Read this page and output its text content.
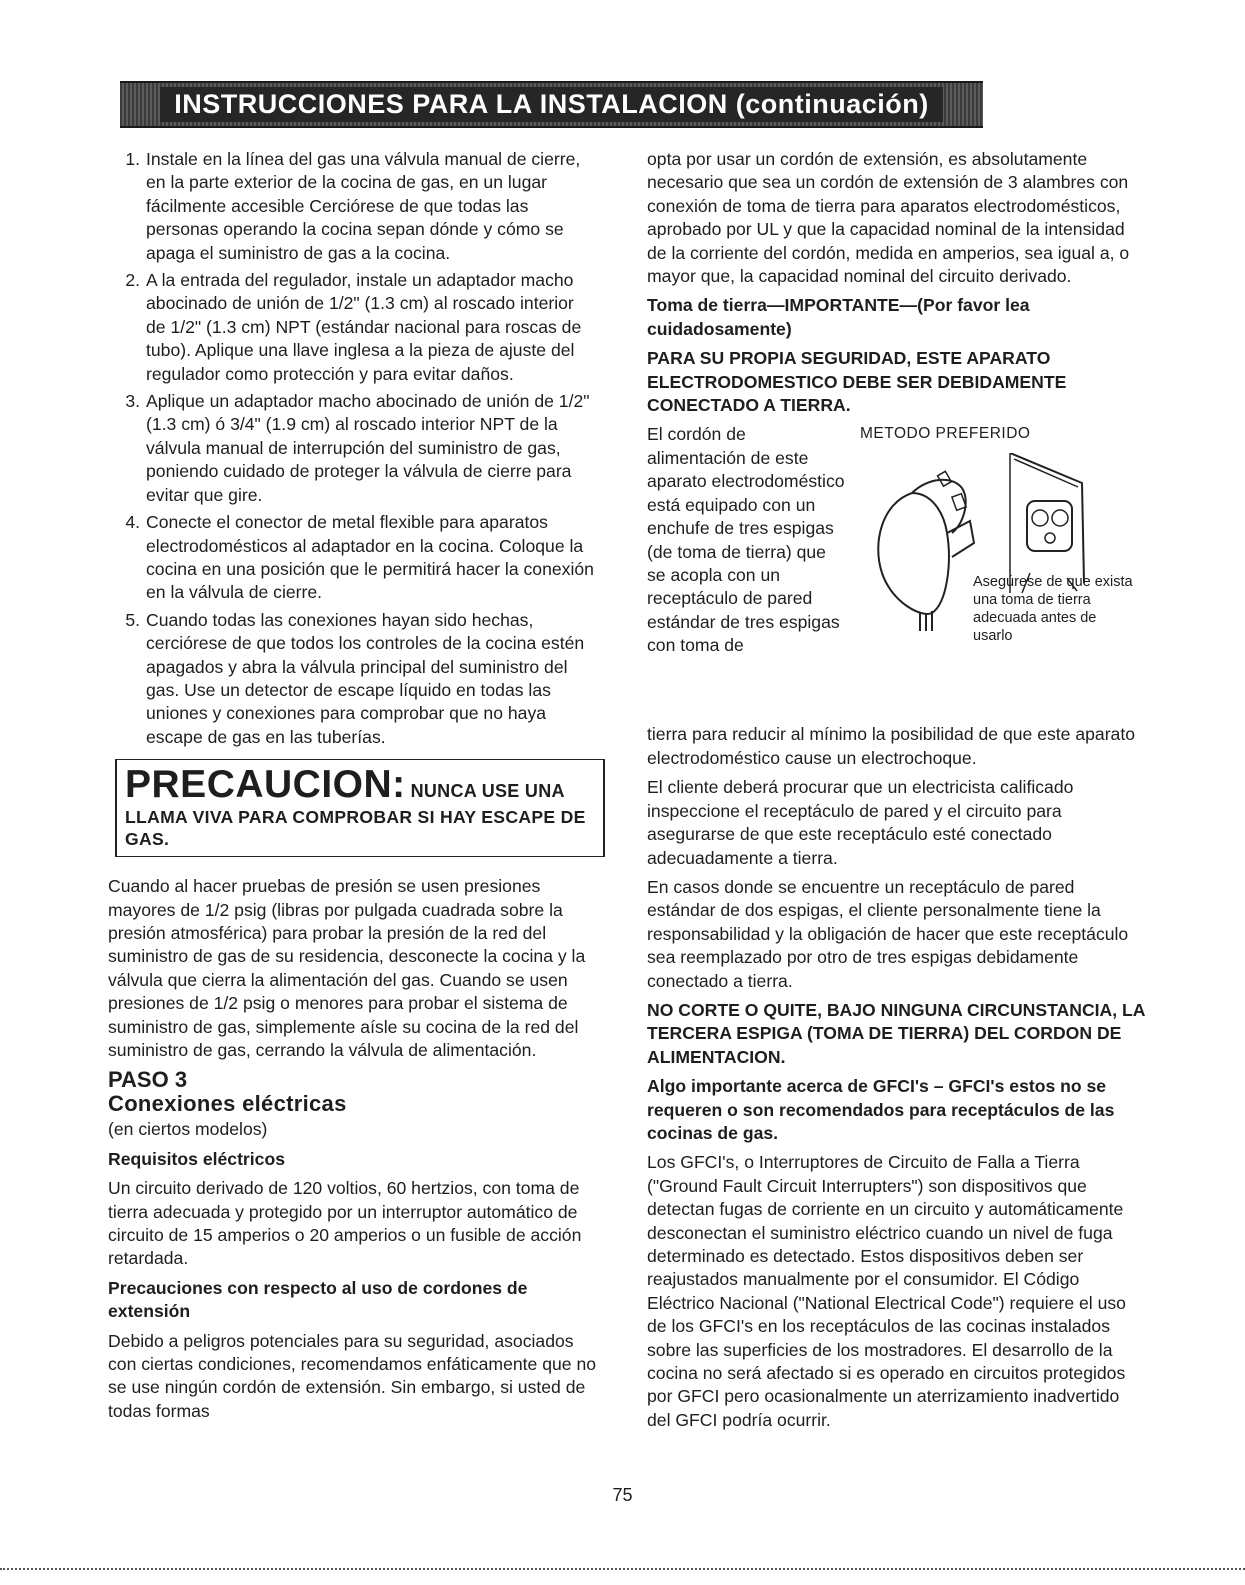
INSTRUCCIONES PARA LA INSTALACION (continuación)
1. Instale en la línea del gas una válvula manual de cierre, en la parte exterior de la cocina de gas, en un lugar fácilmente accesible Cerciórese de que todas las personas operando la cocina sepan dónde y cómo se apaga el suministro de gas a la cocina.
2. A la entrada del regulador, instale un adaptador macho abocinado de unión de 1/2" (1.3 cm) al roscado interior de 1/2" (1.3 cm) NPT (estándar nacional para roscas de tubo). Aplique una llave inglesa a la pieza de ajuste del regulador como protección y para evitar daños.
3. Aplique un adaptador macho abocinado de unión de 1/2" (1.3 cm) ó 3/4" (1.9 cm) al roscado interior NPT de la válvula manual de interrupción del suministro de gas, poniendo cuidado de proteger la válvula de cierre para evitar que gire.
4. Conecte el conector de metal flexible para aparatos electrodomésticos al adaptador en la cocina. Coloque la cocina en una posición que le permitirá hacer la conexión en la válvula de cierre.
5. Cuando todas las conexiones hayan sido hechas, cerciórese de que todos los controles de la cocina estén apagados y abra la válvula principal del suministro del gas. Use un detector de escape líquido en todas las uniones y conexiones para comprobar que no haya escape de gas en las tuberías.
PRECAUCION: NUNCA USE UNA
LLAMA VIVA PARA COMPROBAR SI HAY ESCAPE DE GAS.

Cuando al hacer pruebas de presión se usen presiones mayores de 1/2 psig (libras por pulgada cuadrada sobre la presión atmosférica) para probar la presión de la red del suministro de gas de su residencia, desconecte la cocina y la válvula que cierra la alimentación del gas. Cuando se usen presiones de 1/2 psig o menores para probar el sistema de suministro de gas, simplemente aísle su cocina de la red del suministro de gas, cerrando la válvula de alimentación.

PASO 3
Conexiones eléctricas

(en ciertos modelos)

Requisitos eléctricos

Un circuito derivado de 120 voltios, 60 hertzios, con toma de tierra adecuada y protegido por un interruptor automático de circuito de 15 amperios o 20 amperios o un fusible de acción retardada.

Precauciones con respecto al uso de cordones de extensión

Debido a peligros potenciales para su seguridad, asociados con ciertas condiciones, recomendamos enfáticamente que no se use ningún cordón de extensión. Sin embargo, si usted de todas formas

opta por usar un cordón de extensión, es absolutamente necesario que sea un cordón de extensión de 3 alambres con conexión de toma de tierra para aparatos electrodomésticos, aprobado por UL y que la capacidad nominal de la intensidad de la corriente del cordón, medida en amperios, sea igual a, o mayor que, la capacidad nominal del circuito derivado.

Toma de tierra—IMPORTANTE—(Por favor lea cuidadosamente)

PARA SU PROPIA SEGURIDAD, ESTE APARATO ELECTRODOMESTICO DEBE SER DEBIDAMENTE CONECTADO A TIERRA.

El cordón de alimentación de este aparato electrodoméstico está equipado con un enchufe de tres espigas (de toma de tierra) que se acopla con un receptáculo de pared estándar de tres espigas con toma de
METODO PREFERIDO
Asegúrese de que exista una toma de tierra adecuada antes de usarlo

tierra para reducir al mínimo la posibilidad de que este aparato electrodoméstico cause un electrochoque.

El cliente deberá procurar que un electricista calificado inspeccione el receptáculo de pared y el circuito para asegurarse de que este receptáculo esté conectado adecuadamente a tierra.

En casos donde se encuentre un receptáculo de pared estándar de dos espigas, el cliente personalmente tiene la responsabilidad y la obligación de hacer que este receptáculo sea reemplazado por otro de tres espigas debidamente conectado a tierra.

NO CORTE O QUITE, BAJO NINGUNA CIRCUNSTANCIA, LA TERCERA ESPIGA (TOMA DE TIERRA) DEL CORDON DE ALIMENTACION.

Algo importante acerca de GFCI's – GFCI's estos no se requeren o son recomendados para receptáculos de las cocinas de gas.

Los GFCI's, o Interruptores de Circuito de Falla a Tierra ("Ground Fault Circuit Interrupters") son dispositivos que detectan fugas de corriente en un circuito y automáticamente desconectan el suministro eléctrico cuando un nivel de fuga determinado es detectado. Estos dispositivos deben ser reajustados manualmente por el consumidor. El Código Eléctrico Nacional ("National Electrical Code") requiere el uso de los GFCI's en los receptáculos de las cocinas instalados sobre las superficies de los mostradores. El desarrollo de la cocina no será afectado si es operado en circuitos protegidos por GFCI pero ocasionalmente un aterrizamiento inadvertido del GFCI podría ocurrir.

75
